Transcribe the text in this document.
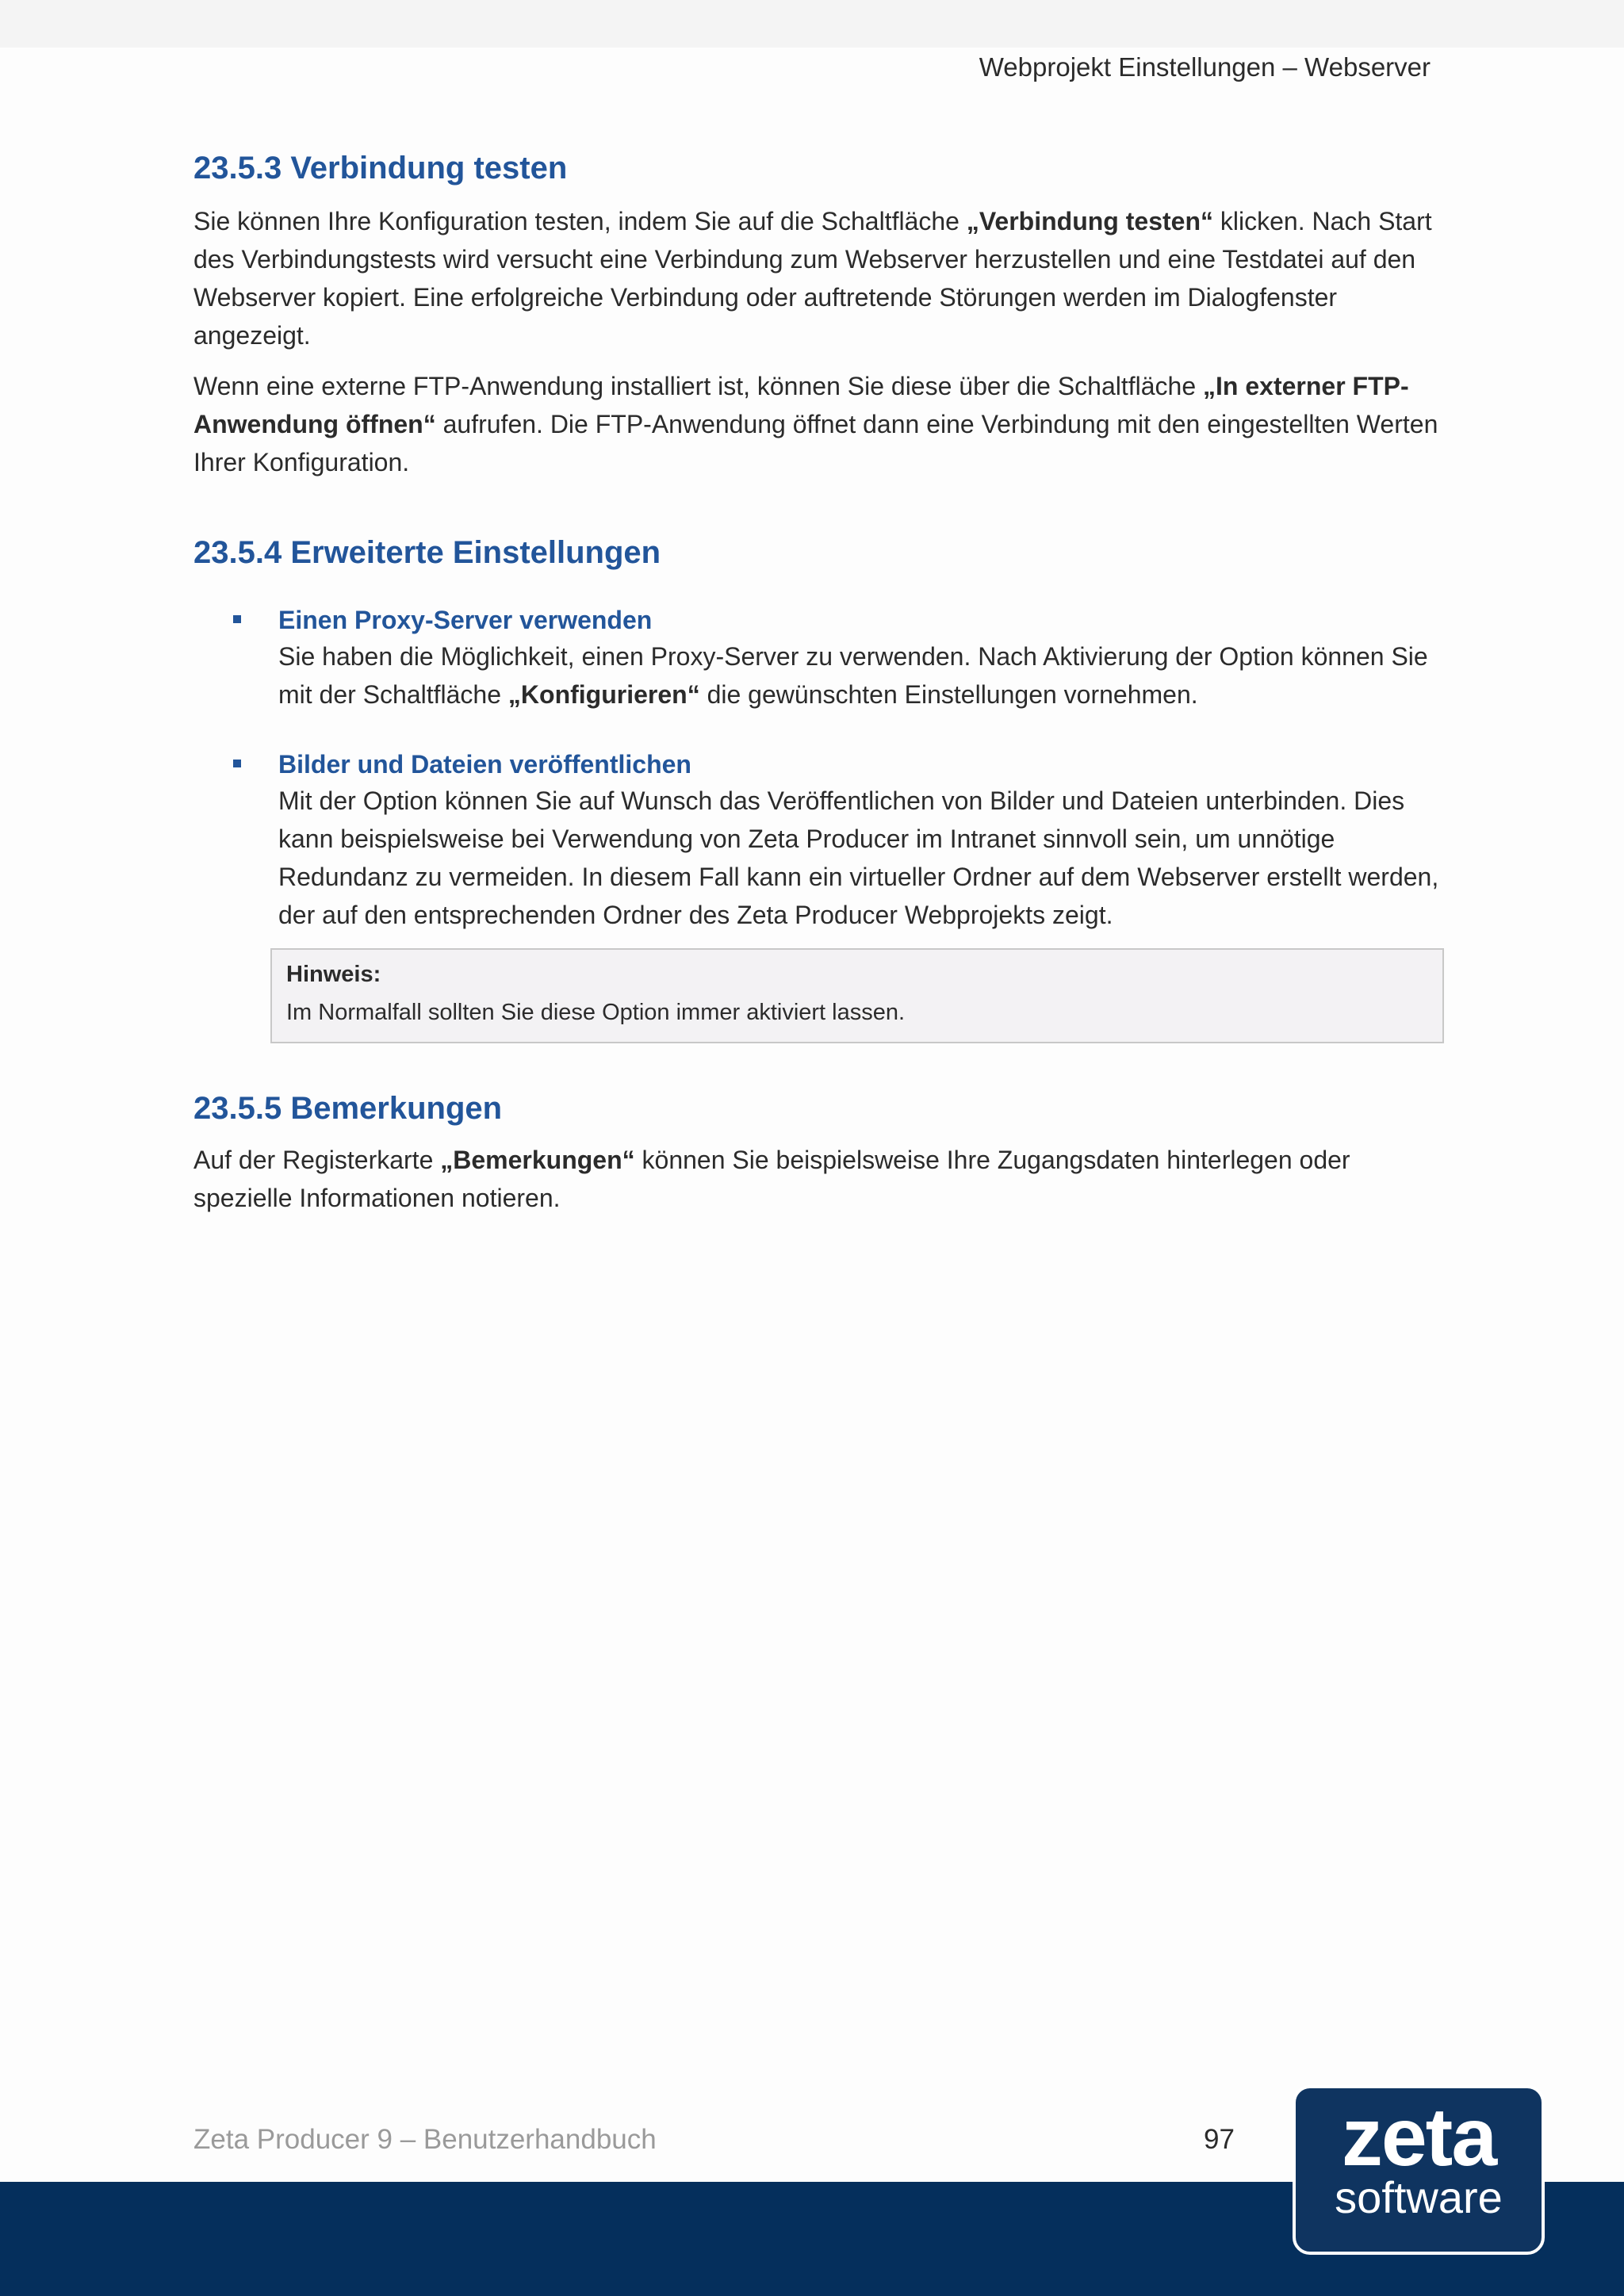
Webprojekt Einstellungen – Webserver
23.5.3 Verbindung testen

Sie können Ihre Konfiguration testen, indem Sie auf die Schaltfläche „Verbindung testen“ klicken. Nach Start des Verbindungstests wird versucht eine Verbindung zum Webserver herzustellen und eine Testdatei auf den Webserver kopiert. Eine erfolgreiche Verbindung oder auftretende Störungen werden im Dialogfenster angezeigt.

Wenn eine externe FTP-Anwendung installiert ist, können Sie diese über die Schaltfläche „In externer FTP-Anwendung öffnen“ aufrufen. Die FTP-Anwendung öffnet dann eine Verbindung mit den eingestellten Werten Ihrer Konfiguration.

23.5.4 Erweiterte Einstellungen
Einen Proxy-Server verwenden

Sie haben die Möglichkeit, einen Proxy-Server zu verwenden. Nach Aktivierung der Option können Sie mit der Schaltfläche „Konfigurieren“ die gewünschten Einstellungen vornehmen.

Bilder und Dateien veröffentlichen

Mit der Option können Sie auf Wunsch das Veröffentlichen von Bilder und Dateien unterbinden. Dies kann beispielsweise bei Verwendung von Zeta Producer im Intranet sinnvoll sein, um unnötige Redundanz zu vermeiden. In diesem Fall kann ein virtueller Ordner auf dem Webserver erstellt werden, der auf den entsprechenden Ordner des Zeta Producer Webprojekts zeigt.

Hinweis:
Im Normalfall sollten Sie diese Option immer aktiviert lassen.
23.5.5 Bemerkungen

Auf der Registerkarte „Bemerkungen“ können Sie beispielsweise Ihre Zugangsdaten hinterlegen oder spezielle Informationen notieren.

Zeta Producer 9 – Benutzerhandbuch	97	zeta
software
